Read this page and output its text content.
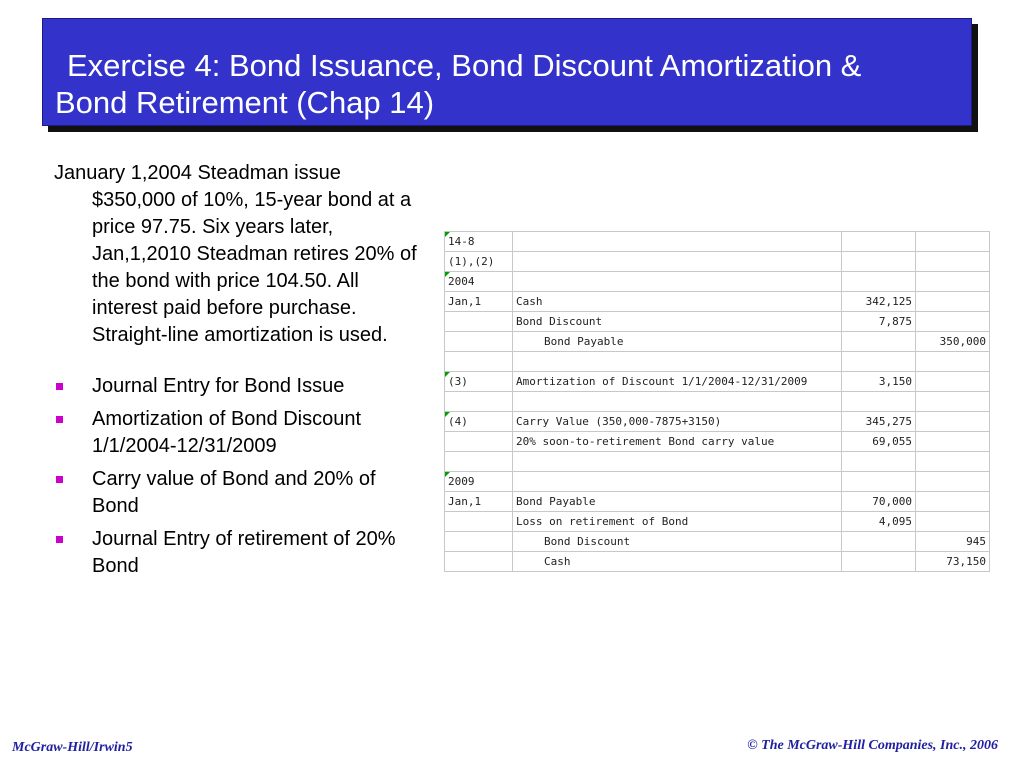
Exercise 4: Bond Issuance, Bond Discount Amortization &
Bond Retirement (Chap 14)

January 1,2004 Steadman issue $350,000 of 10%, 15-year bond at a price 97.75. Six years later, Jan,1,2010 Steadman retires 20% of the bond with price 104.50. All interest paid before purchase. Straight-line amortization is used.

Journal Entry for Bond Issue
Amortization of Bond Discount 1/1/2004-12/31/2009
Carry value of Bond and 20% of Bond
Journal Entry of retirement of 20% Bond
14-8			
(1),(2)			

2004			
Jan,1	Cash	342,125	
	Bond Discount	7,875	
	Bond Payable		350,000

(3)	Amortization of Discount 1/1/2004-12/31/2009	3,150	

(4)	Carry Value (350,000-7875+3150)	345,275	
	20% soon-to-retirement Bond carry value	69,055	

2009			
Jan,1	Bond Payable	70,000	
	Loss on retirement of Bond	4,095	
	Bond Discount		945
	Cash		73,150
McGraw-Hill/Irwin5	© The McGraw-Hill Companies, Inc., 2006
